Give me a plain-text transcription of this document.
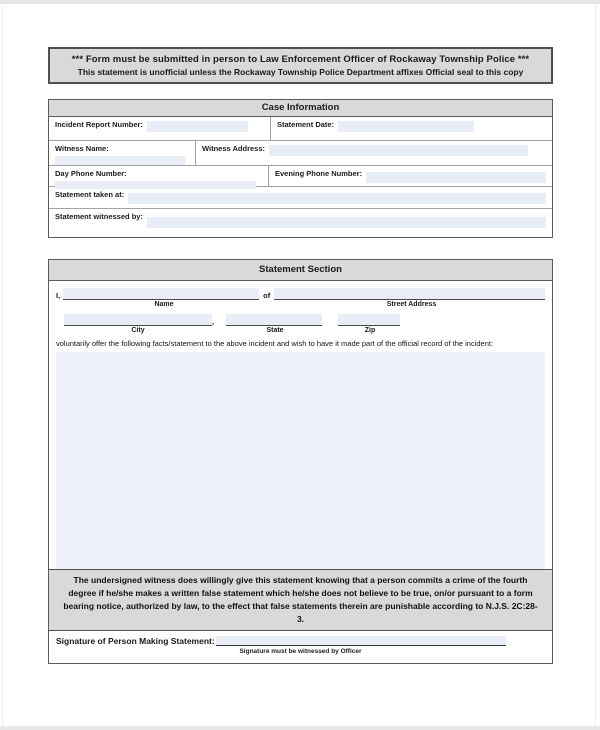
*** Form must be submitted in person to Law Enforcement Officer of Rockaway Township Police ***
This statement is unofficial unless the Rockaway Township Police Department affixes Official seal to this copy
Case Information
Incident Report Number:	Statement Date:
Witness Name:	Witness Address:
Day Phone Number:	Evening Phone Number:
Statement taken at:
Statement witnessed by:
Statement Section
I,	of
Name	Street Address
,
City	State	Zip
voluntarily offer the following facts/statement to the above incident and wish to have it made part of the official record of the incident:
The undersigned witness does willingly give this statement knowing that a person commits a crime of the fourth degree if he/she makes a written false statement which he/she does not believe to be true, on/or pursuant to a form bearing notice, authorized by law, to the effect that false statements therein are punishable according to N.J.S. 2C:28-3.
Signature of Person Making Statement:
Signature must be witnessed by Officer
